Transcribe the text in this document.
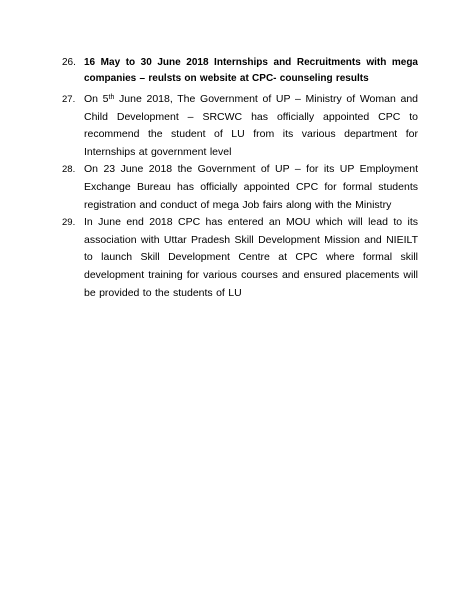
26. 16 May to 30 June 2018 Internships and Recruitments with mega companies – reulsts on website at CPC- counseling results
27. On 5th June 2018, The Government of UP – Ministry of Woman and Child Development – SRCWC has officially appointed CPC to recommend the student of LU from its various department for Internships at government level
28. On 23 June 2018 the Government of UP – for its UP Employment Exchange Bureau has officially appointed CPC for formal students registration and conduct of mega Job fairs along with the Ministry
29. In June end 2018 CPC has entered an MOU which will lead to its association with Uttar Pradesh Skill Development Mission and NIEILT to launch Skill Development Centre at CPC where formal skill development training for various courses and ensured placements will be provided to the students of LU
